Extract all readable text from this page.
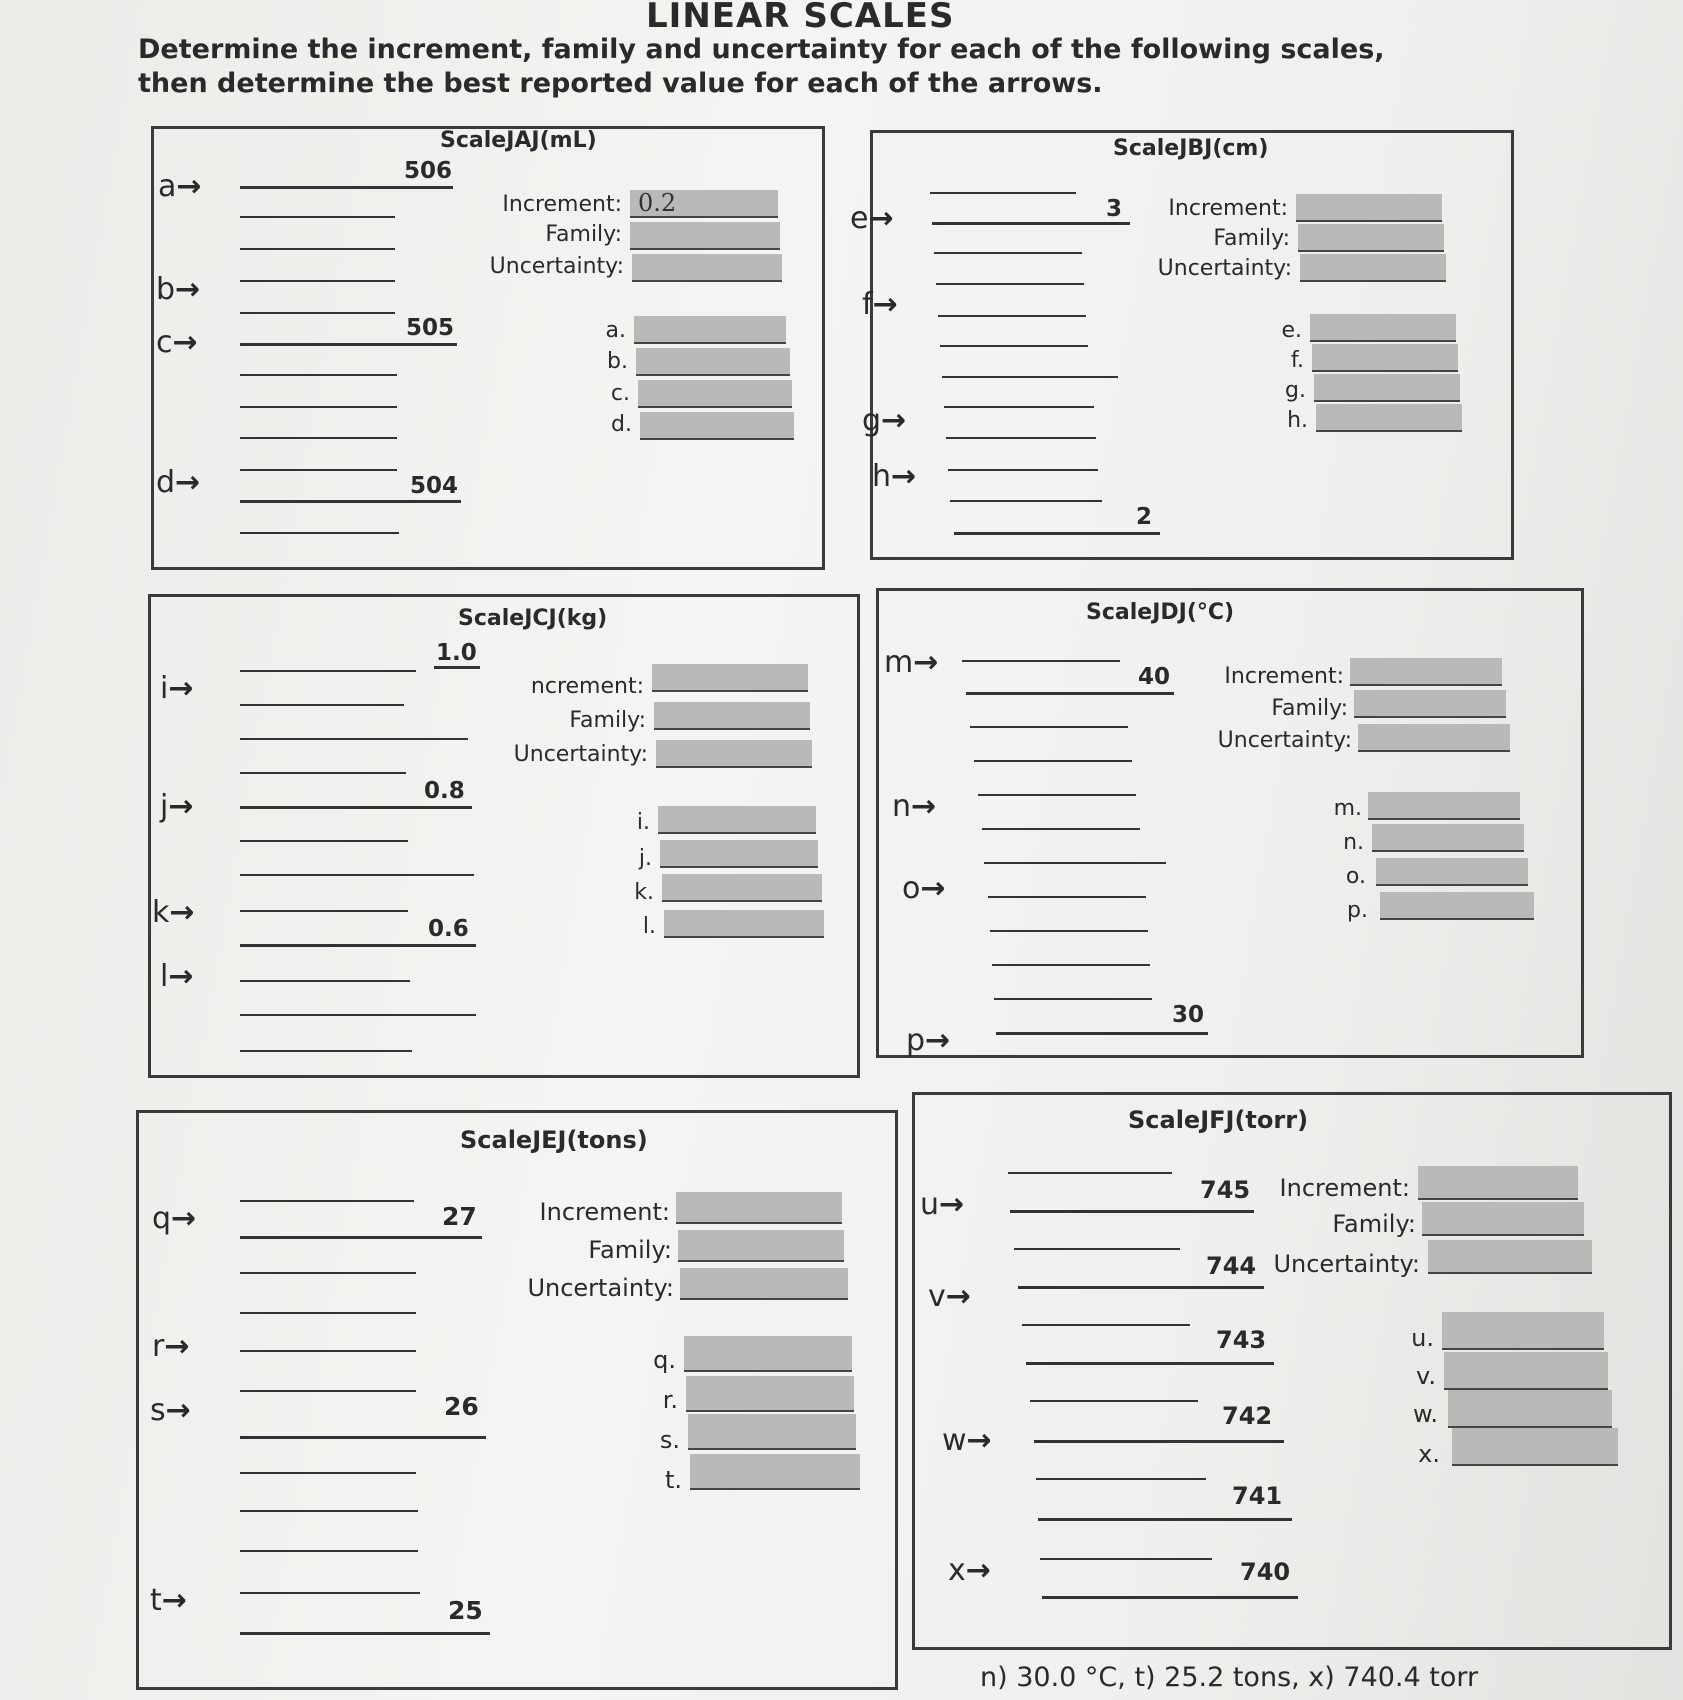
LINEAR SCALES
Determine the increment, family and uncertainty for each of the following scales,
then determine the best reported value for each of the arrows.
ScaleJAJ(mL)
506
505
504
a→
b→
c→
d→
Increment: 0.2
Family:
Uncertainty:
a.
b.
c.
d.
ScaleJBJ(cm)
3
2
e→
f→
g→
h→
Increment:
Family:
Uncertainty:
e.
f.
g.
h.
ScaleJCJ(kg)
1.0
0.8
0.6
i→
j→
k→
l→
ncrement:
Family:
Uncertainty:
i.
j.
k.
l.
ScaleJDJ(°C)
40
30
m→
n→
o→
p→
Increment:
Family:
Uncertainty:
m.
n.
o.
p.
ScaleJEJ(tons)
27
26
25
q→
r→
s→
t→
Increment:
Family:
Uncertainty:
q.
r.
s.
t.
ScaleJFJ(torr)
745
744
743
742
741
740
u→
v→
w→
x→
Increment:
Family:
Uncertainty:
u.
v.
w.
x.
n) 30.0 °C, t) 25.2 tons, x) 740.4 torr
